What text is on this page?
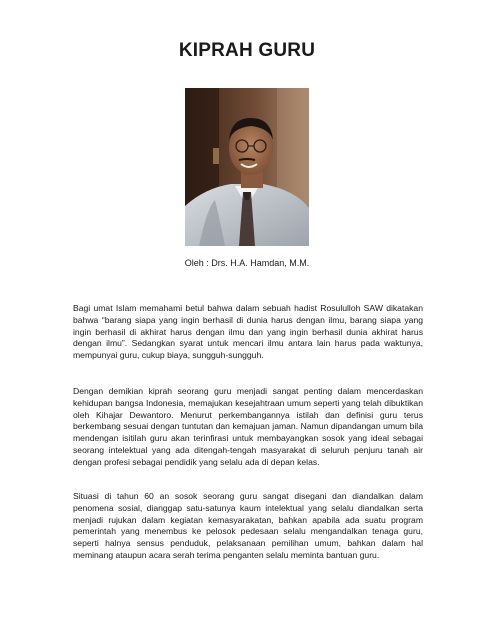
KIPRAH GURU

Oleh : Drs. H.A. Hamdan, M.M.

Bagi umat Islam memahami betul bahwa dalam sebuah hadist Rosululloh SAW dikatakan bahwa “barang siapa yang ingin berhasil di dunia harus dengan ilmu, barang siapa yang ingin berhasil di akhirat harus dengan ilmu dan yang ingin berhasil dunia akhirat harus dengan ilmu”. Sedangkan syarat untuk mencari ilmu antara lain harus pada waktunya, mempunyai guru, cukup biaya, sungguh-sungguh.

Dengan demikian kiprah seorang guru menjadi sangat penting dalam mencerdaskan kehidupan bangsa Indonesia, memajukan kesejahtraan umum seperti yang telah dibuktikan oleh Kihajar Dewantoro. Menurut perkembangannya istilah dan definisi guru terus berkembang sesuai dengan tuntutan dan kemajuan jaman. Namun dipandangan umum bila mendengan isitilah guru akan terinfirasi untuk membayangkan sosok yang ideal sebagai seorang intelektual yang ada ditengah-tengah masyarakat di seluruh penjuru tanah air dengan profesi sebagai pendidik yang selalu ada di depan kelas.

Situasi di tahun 60 an sosok seorang guru sangat disegani dan diandalkan dalam penomena sosial, dianggap satu-satunya kaum intelektual yang selalu diandalkan serta menjadi rujukan dalam kegiatan kemasyarakatan, bahkan apabila ada suatu program pemerintah yang menembus ke pelosok pedesaan selalu mengandalkan tenaga guru, seperti halnya sensus penduduk, pelaksanaan pemilihan umum, bahkan dalam hal meminang ataupun acara serah terima penganten selalu meminta bantuan guru.
